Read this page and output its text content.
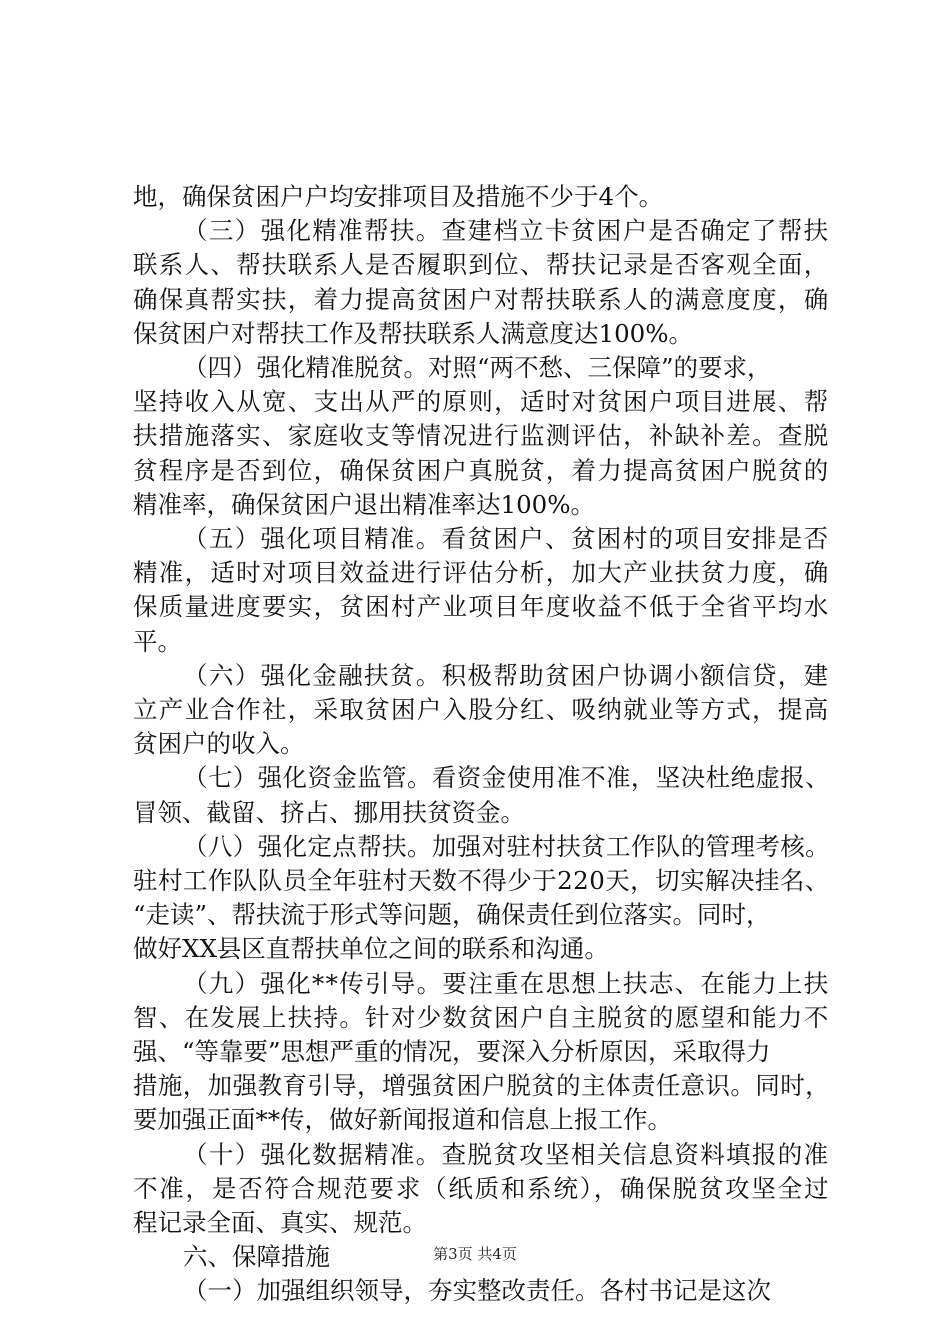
地，确保贫困户户均安排项目及措施不少于4个。
（三）强化精准帮扶。查建档立卡贫困户是否确定了帮扶
联系人、帮扶联系人是否履职到位、帮扶记录是否客观全面，
确保真帮实扶，着力提高贫困户对帮扶联系人的满意度度，确
保贫困户对帮扶工作及帮扶联系人满意度达100%。
（四）强化精准脱贫。对照“两不愁、三保障”的要求，
坚持收入从宽、支出从严的原则，适时对贫困户项目进展、帮
扶措施落实、家庭收支等情况进行监测评估，补缺补差。查脱
贫程序是否到位，确保贫困户真脱贫，着力提高贫困户脱贫的
精准率，确保贫困户退出精准率达100%。
（五）强化项目精准。看贫困户、贫困村的项目安排是否
精准，适时对项目效益进行评估分析，加大产业扶贫力度，确
保质量进度要实，贫困村产业项目年度收益不低于全省平均水
平。
（六）强化金融扶贫。积极帮助贫困户协调小额信贷，建
立产业合作社，采取贫困户入股分红、吸纳就业等方式，提高
贫困户的收入。
（七）强化资金监管。看资金使用准不准，坚决杜绝虚报、
冒领、截留、挤占、挪用扶贫资金。
（八）强化定点帮扶。加强对驻村扶贫工作队的管理考核。
驻村工作队队员全年驻村天数不得少于220天，切实解决挂名、
“走读”、帮扶流于形式等问题，确保责任到位落实。同时，
做好XX县区直帮扶单位之间的联系和沟通。
（九）强化**传引导。要注重在思想上扶志、在能力上扶
智、在发展上扶持。针对少数贫困户自主脱贫的愿望和能力不
强、“等靠要”思想严重的情况，要深入分析原因，采取得力
措施，加强教育引导，增强贫困户脱贫的主体责任意识。同时，
要加强正面**传，做好新闻报道和信息上报工作。
（十）强化数据精准。查脱贫攻坚相关信息资料填报的准
不准，是否符合规范要求（纸质和系统），确保脱贫攻坚全过
程记录全面、真实、规范。
六、保障措施
（一）加强组织领导，夯实整改责任。各村书记是这次
第3页 共4页
